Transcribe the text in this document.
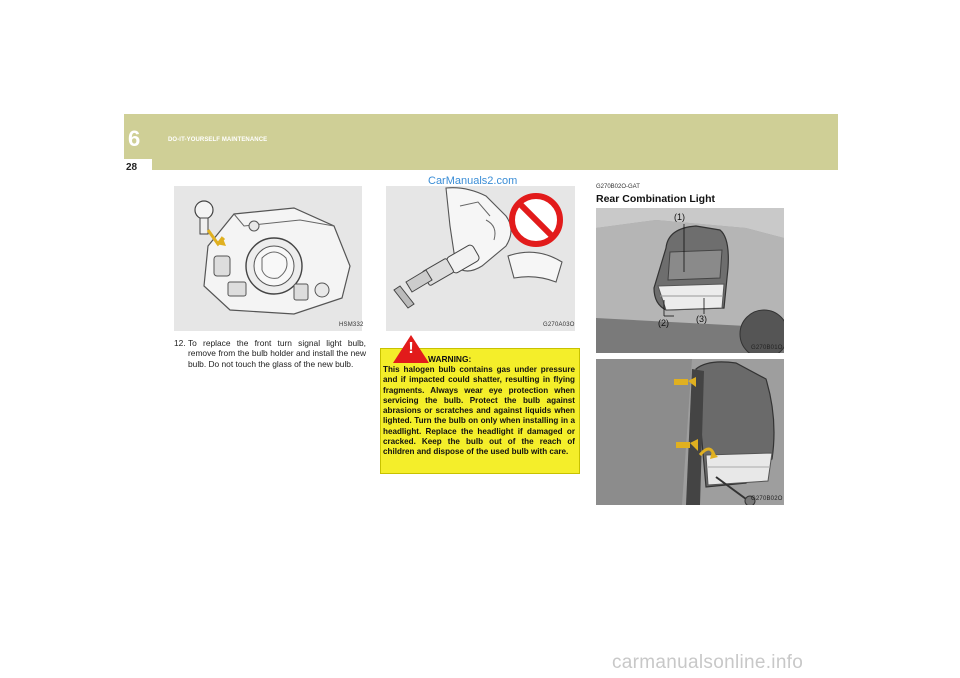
6	DO-IT-YOURSELF MAINTENANCE
28
HSM332
12. To replace the front turn signal light bulb, remove from the bulb holder and install the new bulb. Do not touch the glass of the new bulb.
G270A03O
!
WARNING:
This halogen bulb contains gas under pressure and if impacted could shatter, resulting in flying fragments. Always wear eye protection when servicing the bulb. Protect the bulb against abrasions or scratches and against liquids when lighted. Turn the bulb on only when installing in a headlight. Replace the headlight if damaged or cracked. Keep the bulb out of the reach of children and dispose of the used bulb with care.
G270B02O-GAT
Rear Combination Light
(1)
(2)	(3)
G270B01O
G270B02O
CarManuals2.com
carmanualsonline.info
